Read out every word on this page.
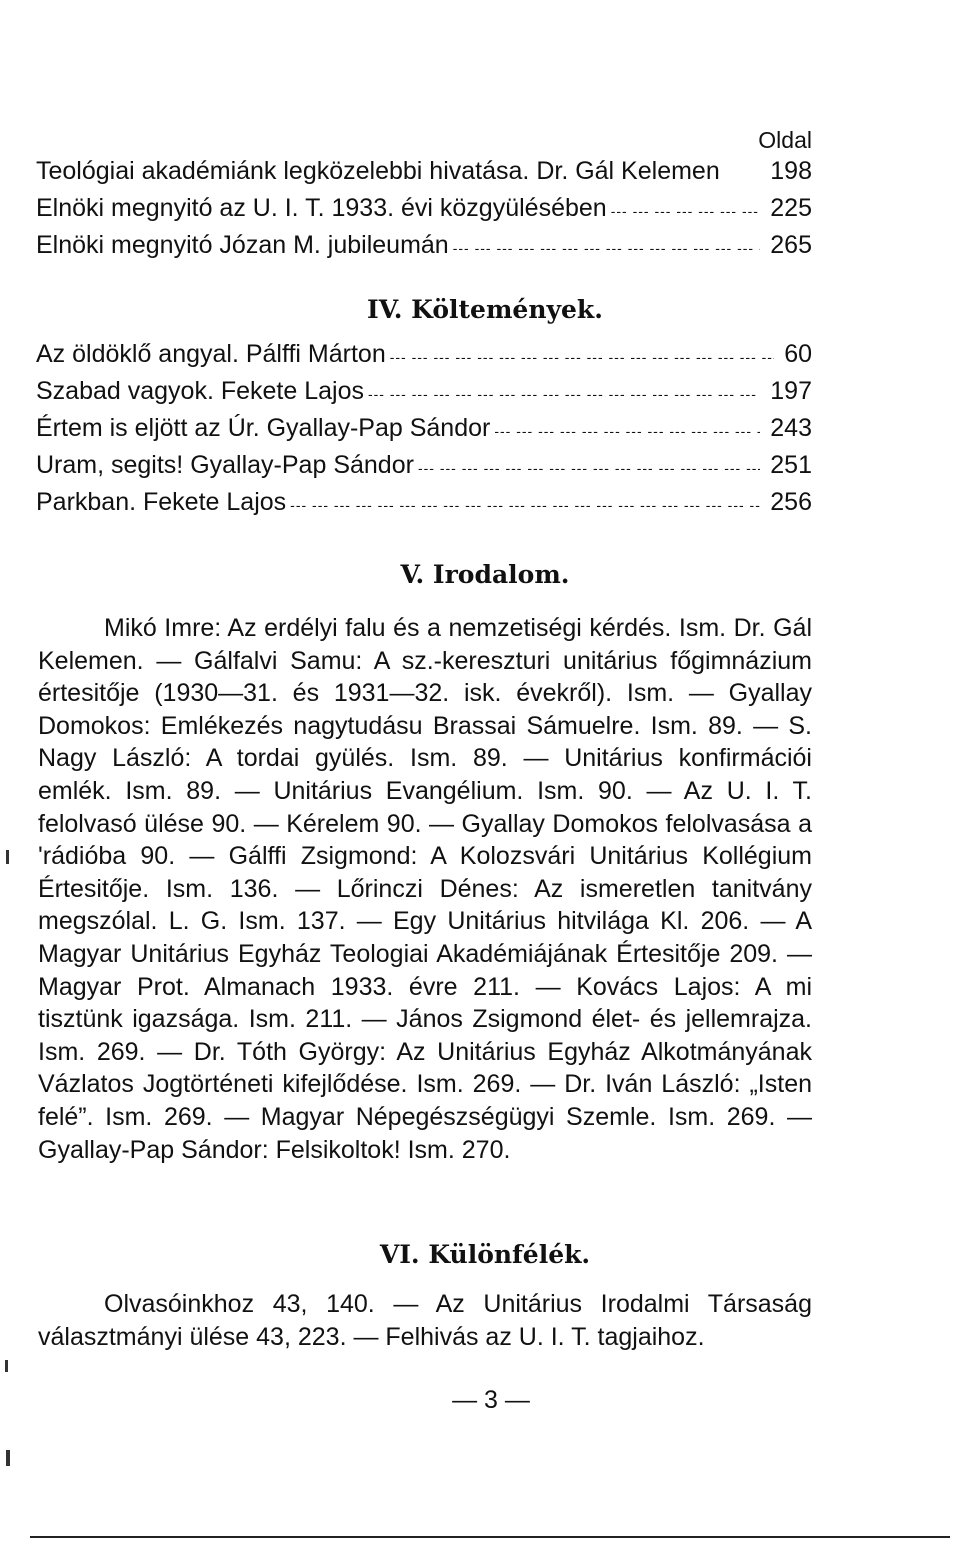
Oldal
Teológiai akadémiánk legközelebbi hivatása. Dr. Gál Kelemen 198
Elnöki megnyitó az U. I. T. 1933. évi közgyülésében --- -	225
Elnöki megnyitó Józan M. jubileumán --- -	265
IV. Költemények.
Az öldöklő angyal. Pálffi Márton --- -	60
Szabad vagyok. Fekete Lajos --- -	197
Értem is eljött az Úr. Gyallay-Pap Sándor --- -	243
Uram, segits! Gyallay-Pap Sándor --- -	251
Parkban. Fekete Lajos --- -	256
V. Irodalom.

Mikó Imre: Az erdélyi falu és a nemzetiségi kérdés. Ism. Dr. Gál Kelemen. — Gálfalvi Samu: A sz.-kereszturi unitárius főgimnázium értesitője (1930—31. és 1931—32. isk. évekről). Ism. — Gyallay Domokos: Emlékezés nagytudásu Brassai Sámuelre. Ism. 89. — S. Nagy László: A tordai gyülés. Ism. 89. — Unitárius konfirmációi emlék. Ism. 89. — Unitárius Evangélium. Ism. 90. — Az U. I. T. felolvasó ülése 90. — Kérelem 90. — Gyallay Domokos felolvasása a 'rádióba 90. — Gálffi Zsigmond: A Kolozsvári Unitárius Kollégium Értesitője. Ism. 136. — Lőrinczi Dénes: Az ismeretlen tanitvány megszólal. L. G. Ism. 137. — Egy Unitárius hitvilága Kl. 206. — A Magyar Unitárius Egyház Teologiai Akadémiájának Értesitője 209. — Magyar Prot. Almanach 1933. évre 211. — Kovács Lajos: A mi tisztünk igazsága. Ism. 211. — János Zsigmond élet- és jellemrajza. Ism. 269. — Dr. Tóth György: Az Unitárius Egyház Alkotmányának Vázlatos Jogtörténeti kifejlődése. Ism. 269. — Dr. Iván László: „Isten felé”. Ism. 269. — Magyar Népegészségügyi Szemle. Ism. 269. — Gyallay-Pap Sándor: Felsikoltok! Ism. 270.

VI. Különfélék.

Olvasóinkhoz 43, 140. — Az Unitárius Irodalmi Társaság választmányi ülése 43, 223. — Felhivás az U. I. T. tagjaihoz.

— 3 —
